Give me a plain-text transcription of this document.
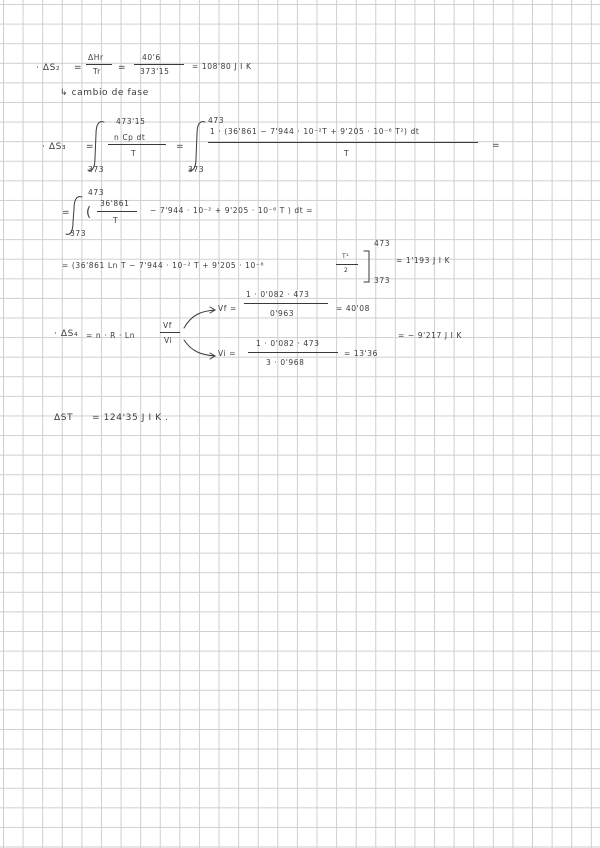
· ΔS₂ =
ΔHr
Tr =
40'6
373'15
= 108'80 J I K
↳ cambio de fase
· ΔS₃ =
473'15
373
n Cp dt
T
=
473
373
1 · (36'861 − 7'944 · 10⁻²T + 9'205 · 10⁻⁶ T²) dt
T
=
=
473
373
(
36'861
T
− 7'944 · 10⁻² + 9'205 · 10⁻⁶ T ) dt =
= (36'861 Ln T − 7'944 · 10⁻² T + 9'205 · 10⁻⁶
T²
2
473
373
= 1'193 J I K
· ΔS₄ = n · R · Ln
Vf
Vi
Vf =
1 · 0'082 · 473
0'963
= 40'08
Vi =
1 · 0'082 · 473
3 · 0'968
= 13'36
= − 9'217 J I K
ΔST = 124'35 J I K .
